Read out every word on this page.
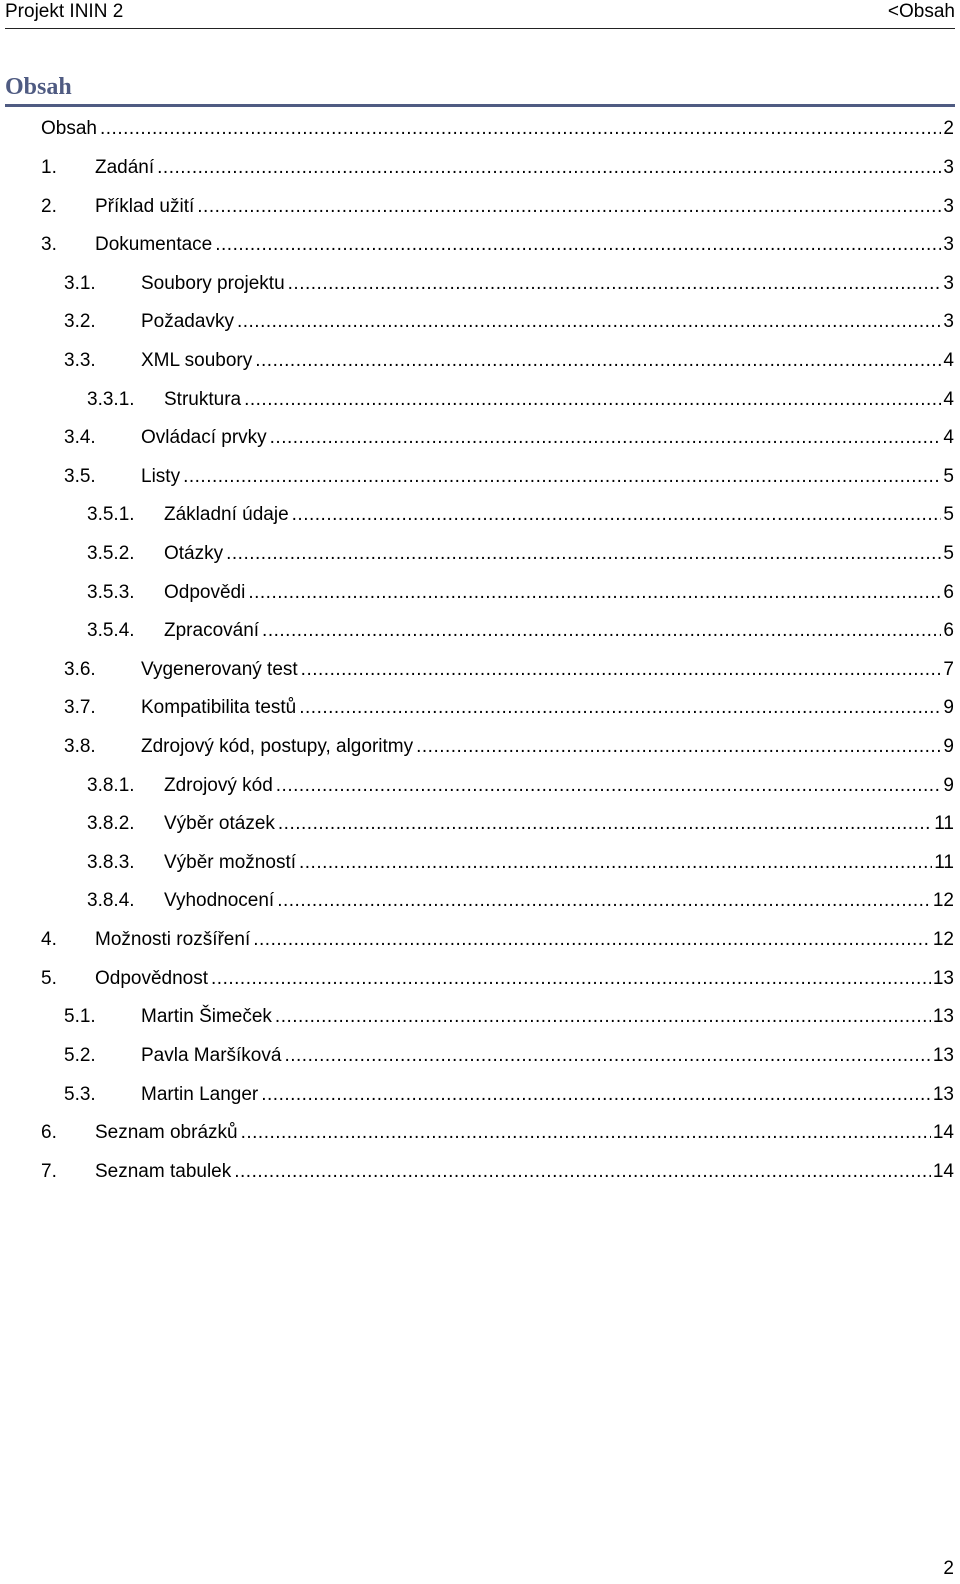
Projekt ININ 2	<Obsah
Obsah
Obsah .....	2
1.	Zadání .....	3
2.	Příklad užití .....	3
3.	Dokumentace .....	3
3.1.	Soubory projektu .....	3
3.2.	Požadavky .....	3
3.3.	XML soubory .....	4
3.3.1.	Struktura .....	4
3.4.	Ovládací prvky .....	4
3.5.	Listy .....	5
3.5.1.	Základní údaje .....	5
3.5.2.	Otázky .....	5
3.5.3.	Odpovědi .....	6
3.5.4.	Zpracování .....	6
3.6.	Vygenerovaný test .....	7
3.7.	Kompatibilita testů .....	9
3.8.	Zdrojový kód, postupy, algoritmy .....	9
3.8.1.	Zdrojový kód .....	9
3.8.2.	Výběr otázek .....	11
3.8.3.	Výběr možností .....	11
3.8.4.	Vyhodnocení .....	12
4.	Možnosti rozšíření .....	12
5.	Odpovědnost .....	13
5.1.	Martin Šimeček .....	13
5.2.	Pavla Maršíková .....	13
5.3.	Martin Langer .....	13
6.	Seznam obrázků .....	14
7.	Seznam tabulek .....	14
2
